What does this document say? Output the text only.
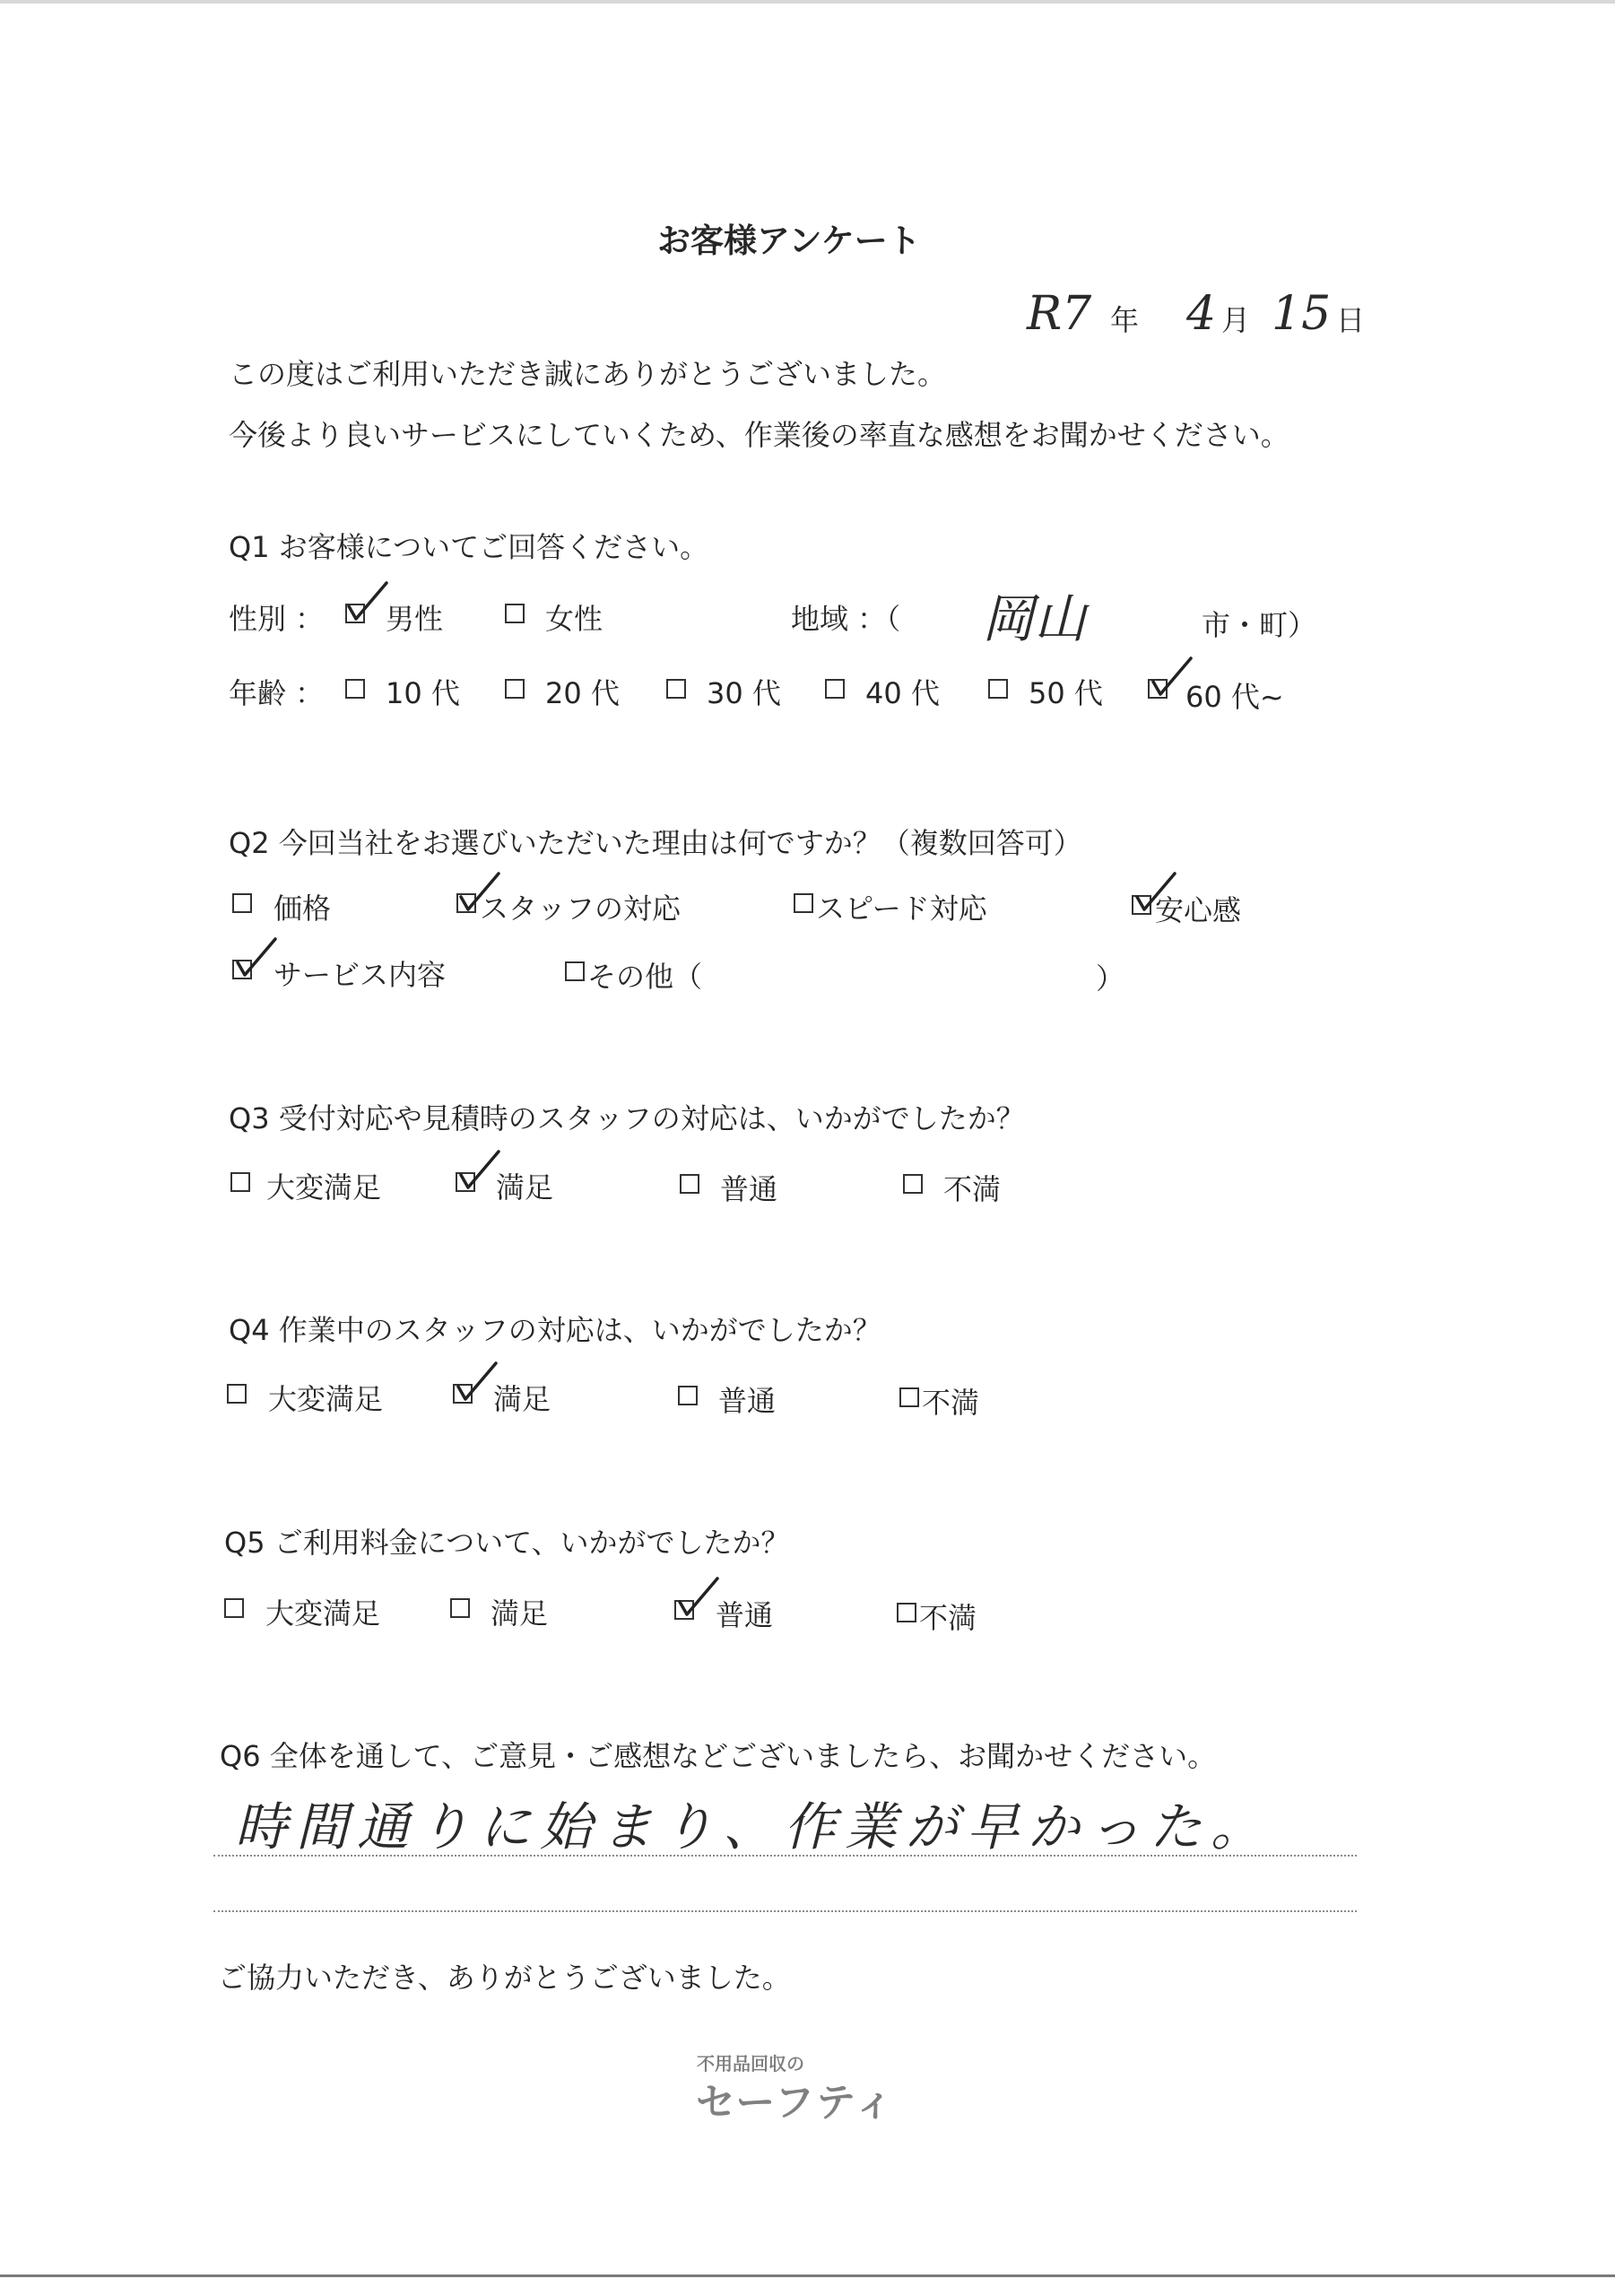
お客様アンケート
R7 年 4 月 15 日
この度はご利用いただき誠にありがとうございました。
今後より良いサービスにしていくため、作業後の率直な感想をお聞かせください。
Q1 お客様についてご回答ください。
性別 ： 男性	女性	地域 ：（ 岡山	市・町）
年齢 ： 10 代	20 代	30 代	40 代	50 代	60 代~
Q2 今回当社をお選びいただいた理由は何ですか？（複数回答可）
価格	スタッフの対応	スピード対応	安心感
サービス内容	その他（	）
Q3 受付対応や見積時のスタッフの対応は、いかがでしたか？
大変満足	満足	普通	不満
Q4 作業中のスタッフの対応は、いかがでしたか？
大変満足	満足	普通	不満
Q5 ご利用料金について、いかがでしたか？
大変満足	満足	普通	不満
Q6 全体を通して、ご意見・ご感想などございましたら、お聞かせください。
時間通りに始まり、作業が早かった。
ご協力いただき、ありがとうございました。
不用品回収の
セーフティ
